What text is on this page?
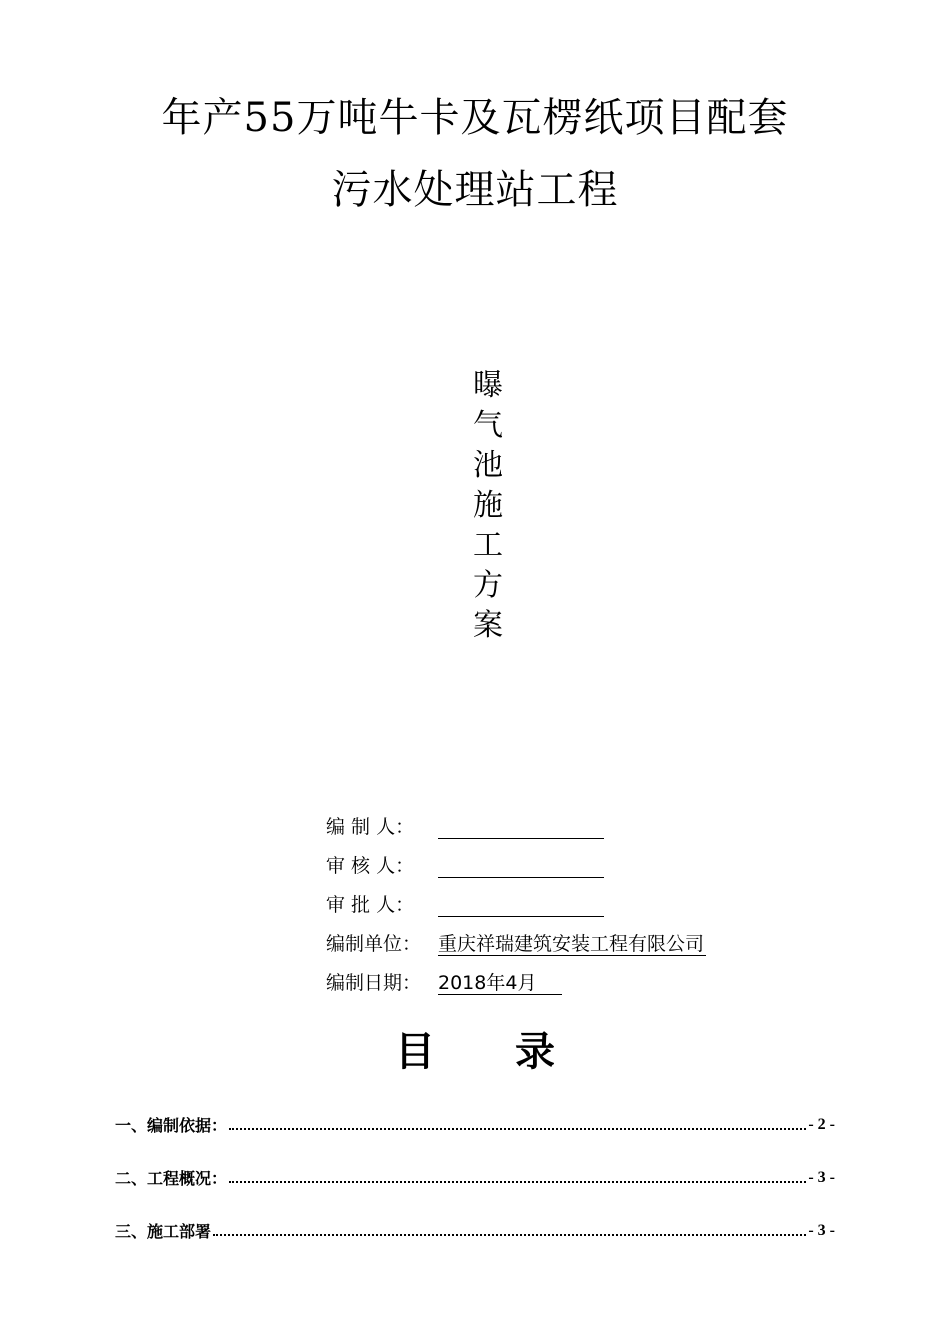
年产55万吨牛卡及瓦楞纸项目配套
污水处理站工程
曝
气
池
施
工
方
案
编 制 人：
审 核 人：
审 批 人：
编制单位： 重庆祥瑞建筑安装工程有限公司
编制日期： 2018年4月
目 录
一、编制依据：	- 2 -
二、工程概况：	- 3 -
三、施工部署	- 3 -
